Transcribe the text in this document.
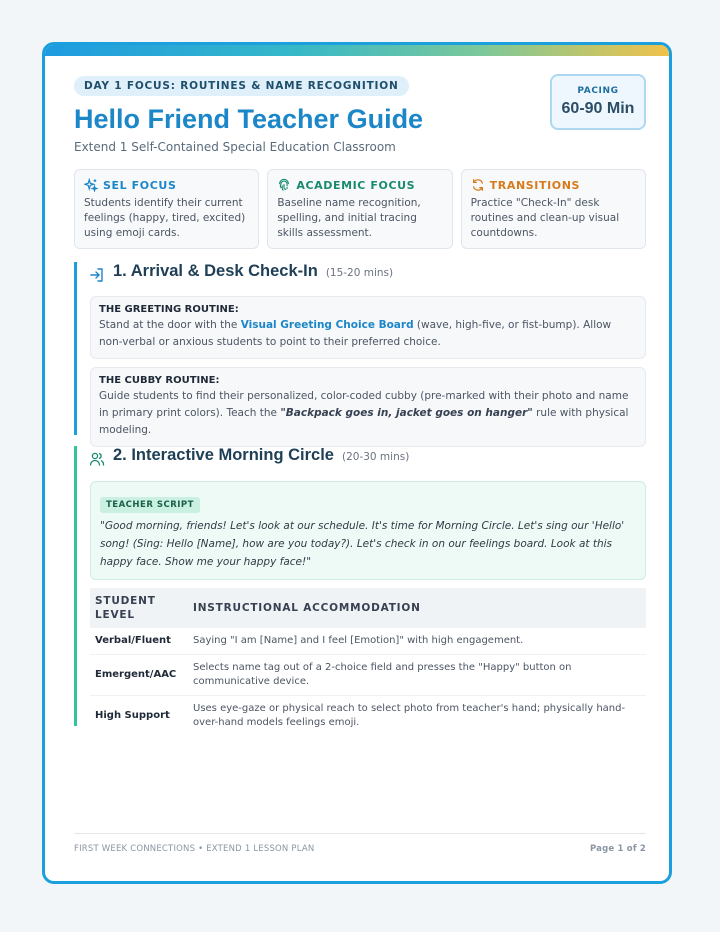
DAY 1 FOCUS: ROUTINES & NAME RECOGNITION
Hello Friend Teacher Guide
Extend 1 Self-Contained Special Education Classroom
PACING
60-90 Min
SEL FOCUS
Students identify their current feelings (happy, tired, excited) using emoji cards.
ACADEMIC FOCUS
Baseline name recognition, spelling, and initial tracing skills assessment.
TRANSITIONS
Practice "Check-In" desk routines and clean-up visual countdowns.
1. Arrival & Desk Check-In (15-20 mins)
THE GREETING ROUTINE:
Stand at the door with the Visual Greeting Choice Board (wave, high-five, or fist-bump). Allow non-verbal or anxious students to point to their preferred choice.
THE CUBBY ROUTINE:
Guide students to find their personalized, color-coded cubby (pre-marked with their photo and name in primary print colors). Teach the "Backpack goes in, jacket goes on hanger" rule with physical modeling.
2. Interactive Morning Circle (20-30 mins)
TEACHER SCRIPT
"Good morning, friends! Let's look at our schedule. It's time for Morning Circle. Let's sing our 'Hello' song! (Sing: Hello [Name], how are you today?). Let's check in on our feelings board. Look at this happy face. Show me your happy face!"
STUDENT LEVEL	INSTRUCTIONAL ACCOMMODATION
Verbal/Fluent	Saying "I am [Name] and I feel [Emotion]" with high engagement.
Emergent/AAC	Selects name tag out of a 2-choice field and presses the "Happy" button on communicative device.
High Support	Uses eye-gaze or physical reach to select photo from teacher's hand; physically hand-over-hand models feelings emoji.
FIRST WEEK CONNECTIONS • EXTEND 1 LESSON PLAN	Page 1 of 2
